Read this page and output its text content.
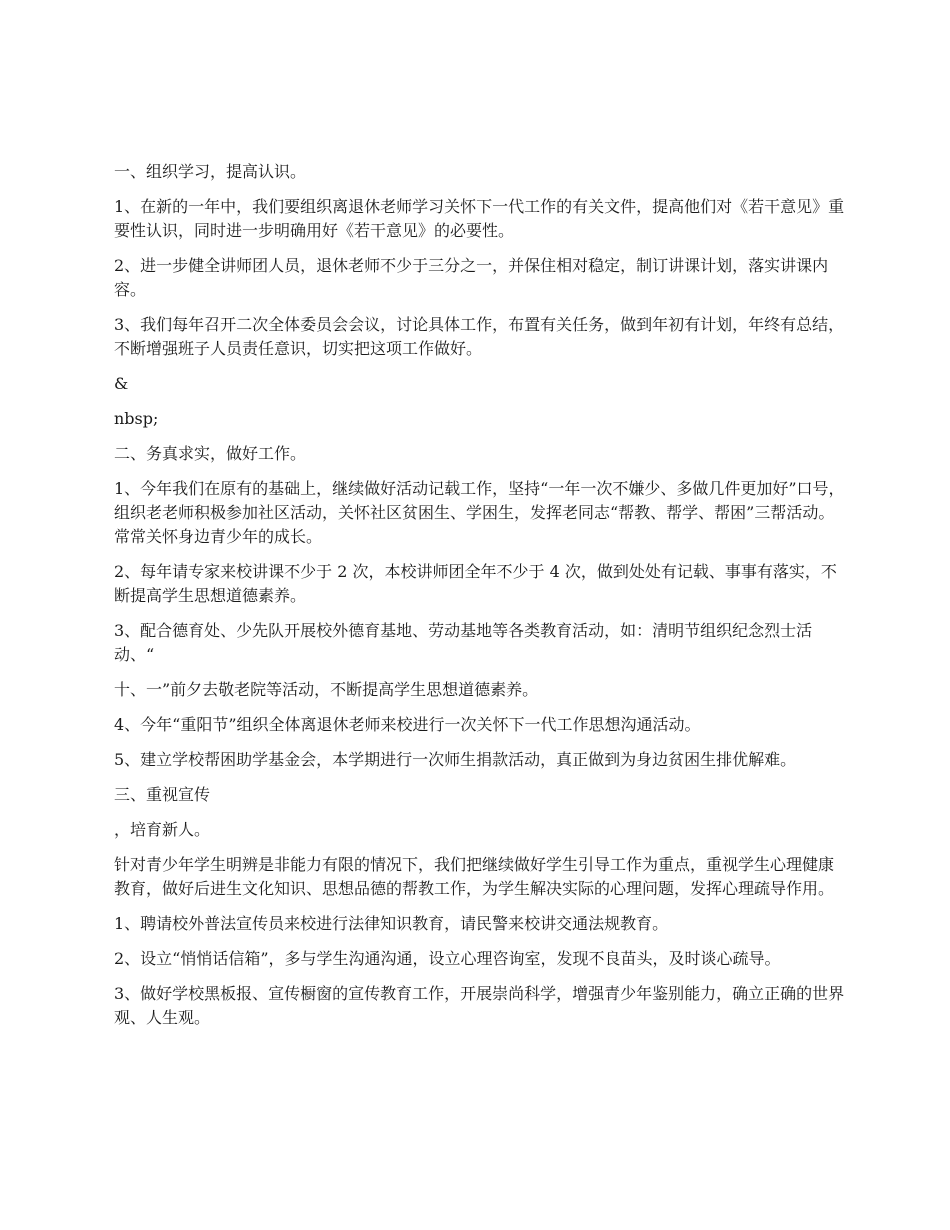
一、组织学习，提高认识。

1、在新的一年中，我们要组织离退休老师学习关怀下一代工作的有关文件，提高他们对《若干意见》重要性认识，同时进一步明确用好《若干意见》的必要性。

2、进一步健全讲师团人员，退休老师不少于三分之一，并保住相对稳定，制订讲课计划，落实讲课内容。

3、我们每年召开二次全体委员会会议，讨论具体工作，布置有关任务，做到年初有计划，年终有总结，不断增强班子人员责任意识，切实把这项工作做好。

&

nbsp;

二、务真求实，做好工作。

1、今年我们在原有的基础上，继续做好活动记载工作，坚持“一年一次不嫌少、多做几件更加好”口号，组织老老师积极参加社区活动，关怀社区贫困生、学困生，发挥老同志“帮教、帮学、帮困”三帮活动。常常关怀身边青少年的成长。

2、每年请专家来校讲课不少于 2 次，本校讲师团全年不少于 4 次，做到处处有记载、事事有落实，不断提高学生思想道德素养。

3、配合德育处、少先队开展校外德育基地、劳动基地等各类教育活动，如：清明节组织纪念烈士活动、“

十、一”前夕去敬老院等活动，不断提高学生思想道德素养。

4、今年“重阳节”组织全体离退休老师来校进行一次关怀下一代工作思想沟通活动。

5、建立学校帮困助学基金会，本学期进行一次师生捐款活动，真正做到为身边贫困生排优解难。

三、重视宣传

，培育新人。

针对青少年学生明辨是非能力有限的情况下，我们把继续做好学生引导工作为重点，重视学生心理健康教育，做好后进生文化知识、思想品德的帮教工作，为学生解决实际的心理问题，发挥心理疏导作用。

1、聘请校外普法宣传员来校进行法律知识教育，请民警来校讲交通法规教育。

2、设立“悄悄话信箱”，多与学生沟通沟通，设立心理咨询室，发现不良苗头，及时谈心疏导。

3、做好学校黑板报、宣传橱窗的宣传教育工作，开展崇尚科学，增强青少年鉴别能力，确立正确的世界观、人生观。
